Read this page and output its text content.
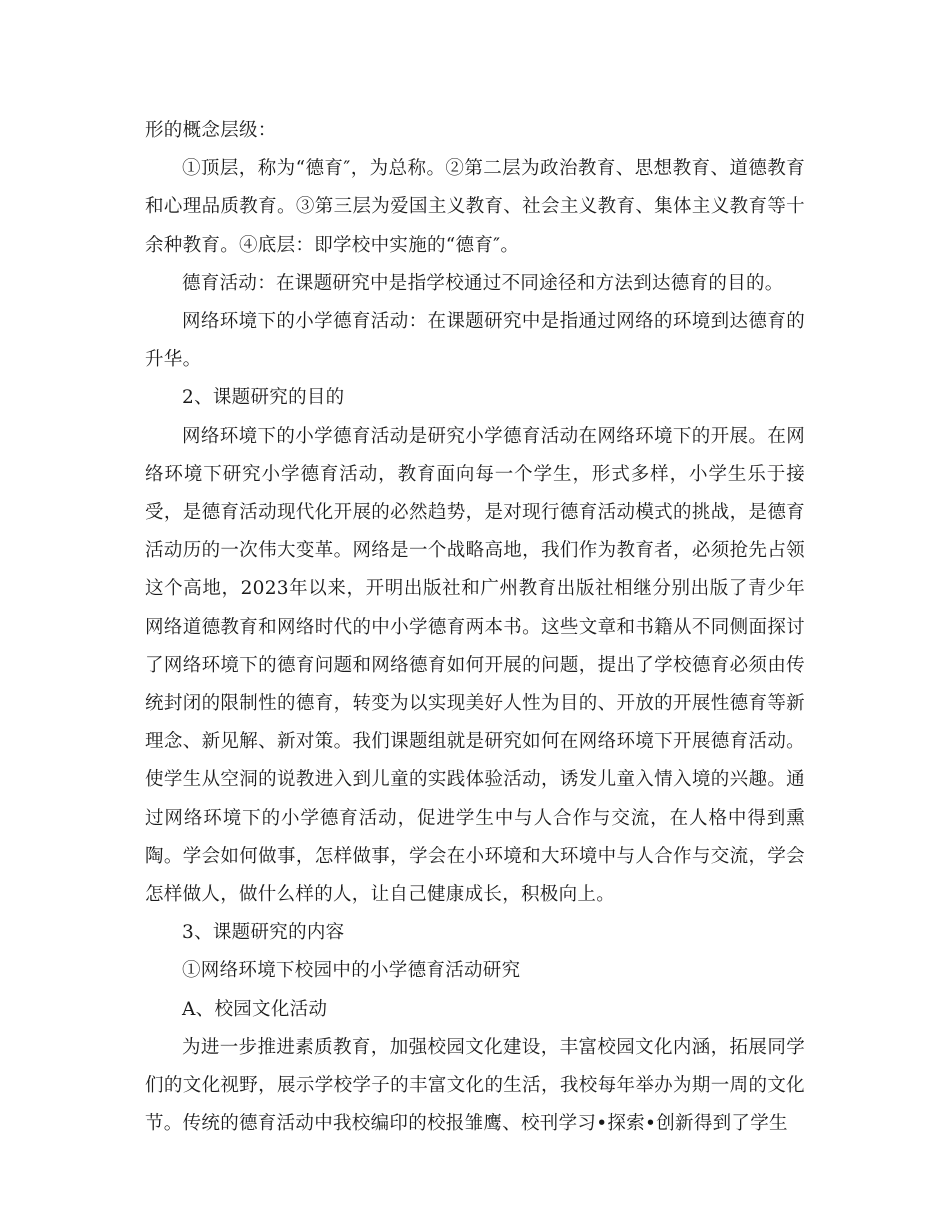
形的概念层级：

①顶层，称为“德育″，为总称。②第二层为政治教育、思想教育、道德教育和心理品质教育。③第三层为爱国主义教育、社会主义教育、集体主义教育等十余种教育。④底层：即学校中实施的“德育″。

德育活动：在课题研究中是指学校通过不同途径和方法到达德育的目的。

网络环境下的小学德育活动：在课题研究中是指通过网络的环境到达德育的升华。

2、课题研究的目的

网络环境下的小学德育活动是研究小学德育活动在网络环境下的开展。在网络环境下研究小学德育活动，教育面向每一个学生，形式多样，小学生乐于接受，是德育活动现代化开展的必然趋势，是对现行德育活动模式的挑战，是德育活动历的一次伟大变革。网络是一个战略高地，我们作为教育者，必须抢先占领这个高地，2023年以来，开明出版社和广州教育出版社相继分别出版了青少年网络道德教育和网络时代的中小学德育两本书。这些文章和书籍从不同侧面探讨了网络环境下的德育问题和网络德育如何开展的问题，提出了学校德育必须由传统封闭的限制性的德育，转变为以实现美好人性为目的、开放的开展性德育等新理念、新见解、新对策。我们课题组就是研究如何在网络环境下开展德育活动。使学生从空洞的说教进入到儿童的实践体验活动，诱发儿童入情入境的兴趣。通过网络环境下的小学德育活动，促进学生中与人合作与交流，在人格中得到熏陶。学会如何做事，怎样做事，学会在小环境和大环境中与人合作与交流，学会怎样做人，做什么样的人，让自己健康成长，积极向上。

3、课题研究的内容

①网络环境下校园中的小学德育活动研究

A、校园文化活动

为进一步推进素质教育，加强校园文化建设，丰富校园文化内涵，拓展同学们的文化视野，展示学校学子的丰富文化的生活，我校每年举办为期一周的文化节。传统的德育活动中我校编印的校报雏鹰、校刊学习•探索•创新得到了学生
